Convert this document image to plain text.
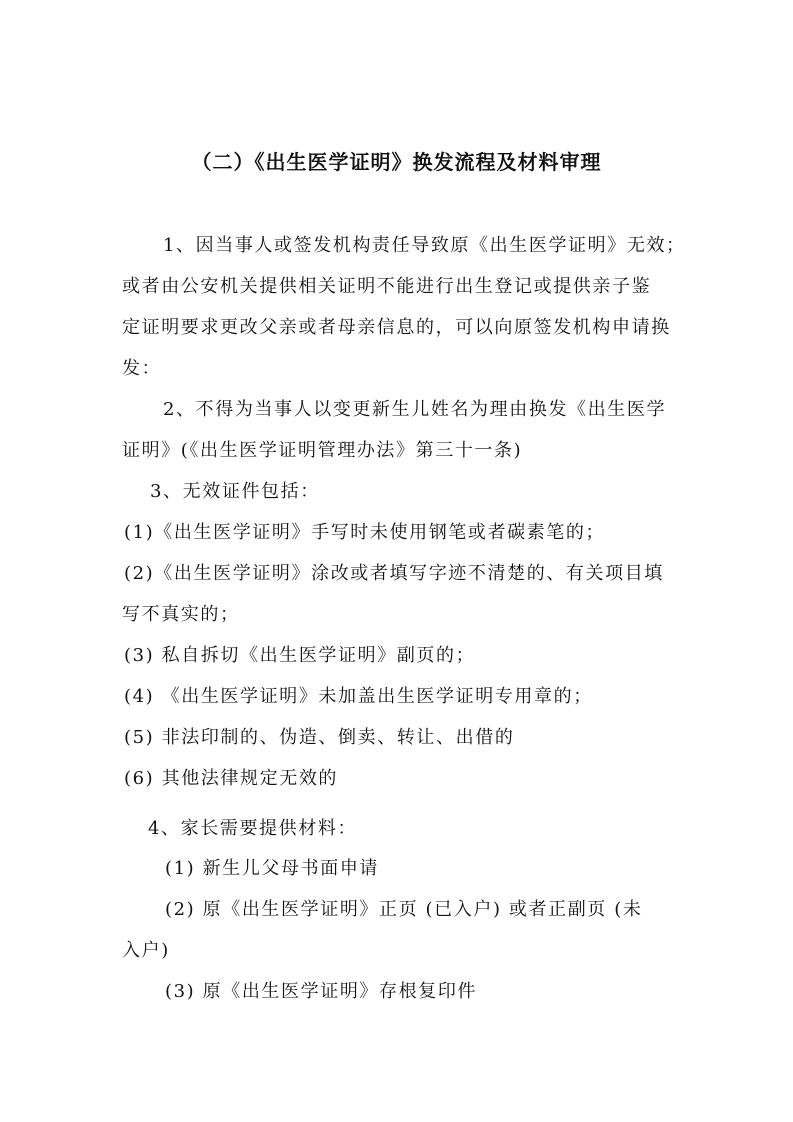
（二）《出生医学证明》换发流程及材料审理

1、因当事人或签发机构责任导致原《出生医学证明》无效；

或者由公安机关提供相关证明不能进行出生登记或提供亲子鉴

定证明要求更改父亲或者母亲信息的，可以向原签发机构申请换

发：

2、不得为当事人以变更新生儿姓名为理由换发《出生医学

证明》(《出生医学证明管理办法》第三十一条)

3、无效证件包括：

(1)《出生医学证明》手写时未使用钢笔或者碳素笔的；

(2)《出生医学证明》涂改或者填写字迹不清楚的、有关项目填

写不真实的；

(3) 私自拆切《出生医学证明》副页的；

(4) 《出生医学证明》未加盖出生医学证明专用章的；

(5) 非法印制的、伪造、倒卖、转让、出借的

(6) 其他法律规定无效的

4、家长需要提供材料：

(1) 新生儿父母书面申请

(2) 原《出生医学证明》正页 (已入户) 或者正副页 (未

入户)

(3) 原《出生医学证明》存根复印件
